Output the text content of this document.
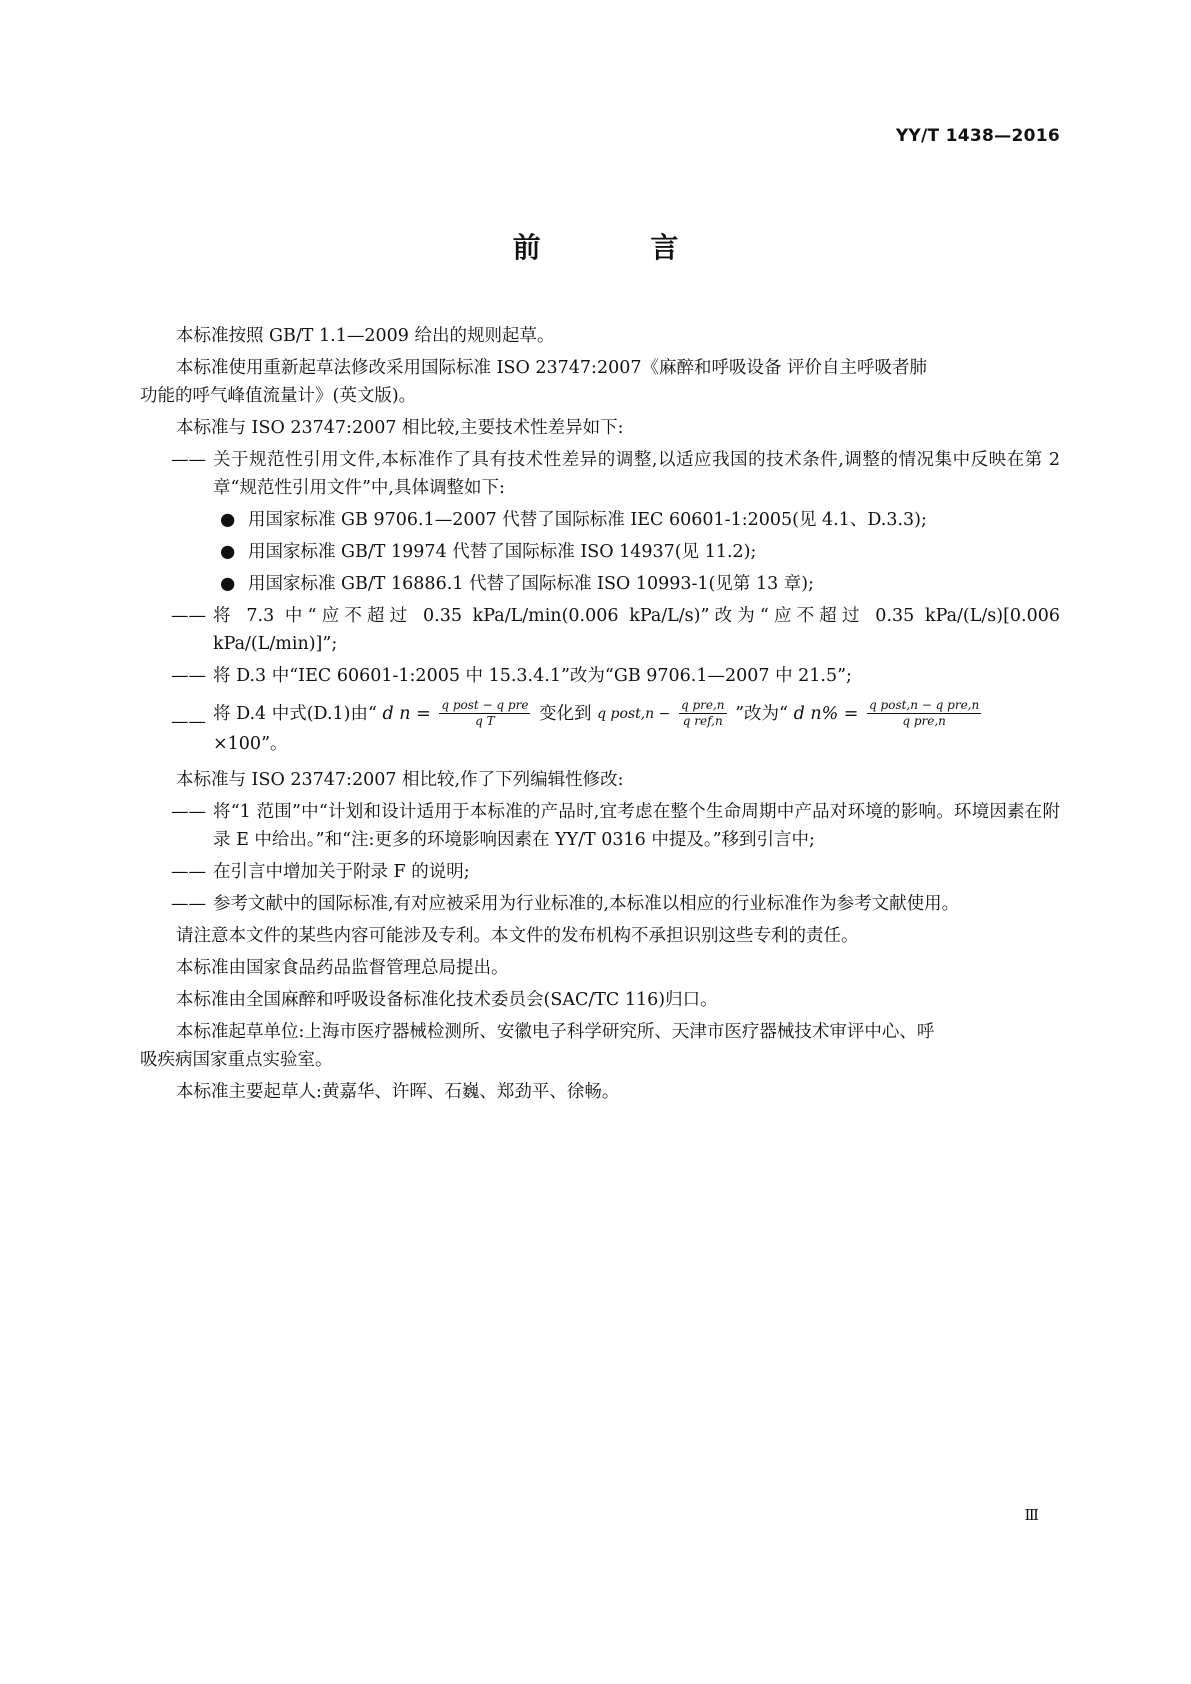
YY/T 1438—2016
前 言

本标准按照 GB/T 1.1—2009 给出的规则起草。

本标准使用重新起草法修改采用国际标准 ISO 23747:2007《麻醉和呼吸设备 评价自主呼吸者肺
功能的呼气峰值流量计》(英文版)。

本标准与 ISO 23747:2007 相比较,主要技术性差异如下:

—— 关于规范性引用文件,本标准作了具有技术性差异的调整,以适应我国的技术条件,调整的情况集中反映在第 2 章“规范性引用文件”中,具体调整如下:
● 用国家标准 GB 9706.1—2007 代替了国际标准 IEC 60601-1:2005(见 4.1、D.3.3);
● 用国家标准 GB/T 19974 代替了国际标准 ISO 14937(见 11.2);
● 用国家标准 GB/T 16886.1 代替了国际标准 ISO 10993-1(见第 13 章);
—— 将 7.3 中“应不超过 0.35 kPa/L/min(0.006 kPa/L/s)”改为“应不超过 0.35 kPa/(L/s)[0.006 kPa/(L/min)]”;
—— 将 D.3 中“IEC 60601-1:2005 中 15.3.4.1”改为“GB 9706.1—2007 中 21.5”;
—— 将 D.4 中式(D.1)由“ d $n = \frac{\text{q post − q pre}}{\text{q T}}$ 变化到 q post,n − $\frac{\text{q pre,n}}{\text{q ref,n}}$ ”改为“ d $n\% = \frac{\text{q post,n − q pre,n}}{\text{q pre,n}}$
×100”。

本标准与 ISO 23747:2007 相比较,作了下列编辑性修改:

—— 将“1 范围”中“计划和设计适用于本标准的产品时,宜考虑在整个生命周期中产品对环境的影响。环境因素在附录 E 中给出。”和“注:更多的环境影响因素在 YY/T 0316 中提及。”移到引言中;
—— 在引言中增加关于附录 F 的说明;
—— 参考文献中的国际标准,有对应被采用为行业标准的,本标准以相应的行业标准作为参考文献使用。

请注意本文件的某些内容可能涉及专利。本文件的发布机构不承担识别这些专利的责任。

本标准由国家食品药品监督管理总局提出。

本标准由全国麻醉和呼吸设备标准化技术委员会(SAC/TC 116)归口。

本标准起草单位:上海市医疗器械检测所、安徽电子科学研究所、天津市医疗器械技术审评中心、呼
吸疾病国家重点实验室。

本标准主要起草人:黄嘉华、许晖、石巍、郑劲平、徐畅。

Ⅲ
